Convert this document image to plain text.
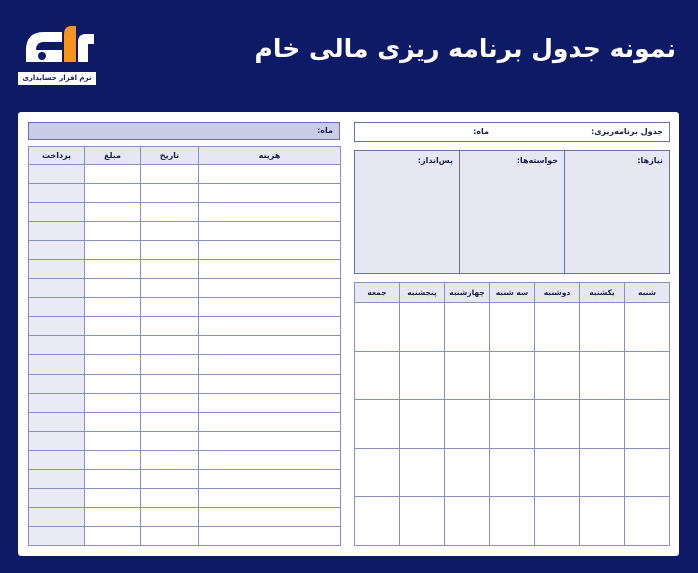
نرم افزار حسابداری
نمونه جدول برنامه ریزی مالی خام
ماه:
هزینه	تاریخ	مبلغ	پرداخت

جدول برنامه‌ریزی:
ماه:
نیازها:
خواسته‌ها:
پس‌انداز:
شنبه	یکشنبه	دوشنبه	سه شنبه	چهارشنبه	پنجشنبه	جمعه
